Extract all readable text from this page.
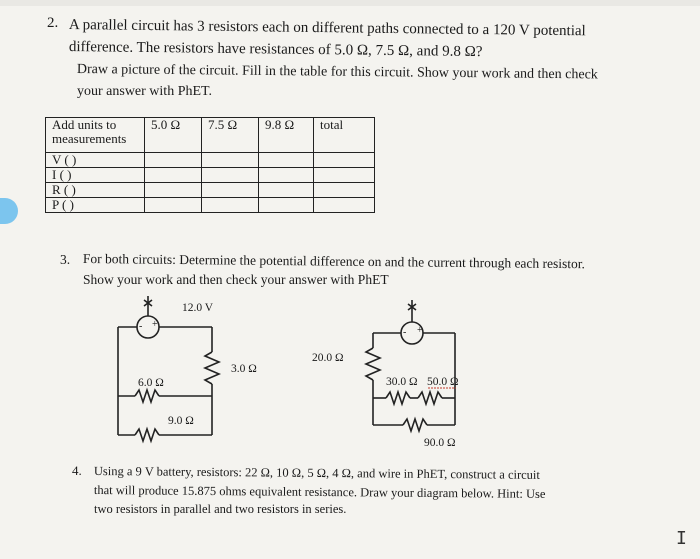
2. A parallel circuit has 3 resistors each on different paths connected to a 120 V potential
difference. The resistors have resistances of 5.0 Ω, 7.5 Ω, and 9.8 Ω?
Draw a picture of the circuit. Fill in the table for this circuit. Show your work and then check
your answer with PhET.
Add units to measurements	5.0 Ω	7.5 Ω	9.8 Ω	total
V ( )				
I ( )				
R ( )				
P ( )				
3. For both circuits: Determine the potential difference on and the current through each resistor.
Show your work and then check your answer with PhET
- +
12.0 V
3.0 Ω
6.0 Ω
9.0 Ω
- +
20.0 Ω
30.0 Ω 50.0 Ω
90.0 Ω
4. Using a 9 V battery, resistors: 22 Ω, 10 Ω, 5 Ω, 4 Ω, and wire in PhET, construct a circuit
that will produce 15.875 ohms equivalent resistance. Draw your diagram below. Hint: Use
two resistors in parallel and two resistors in series.
I
